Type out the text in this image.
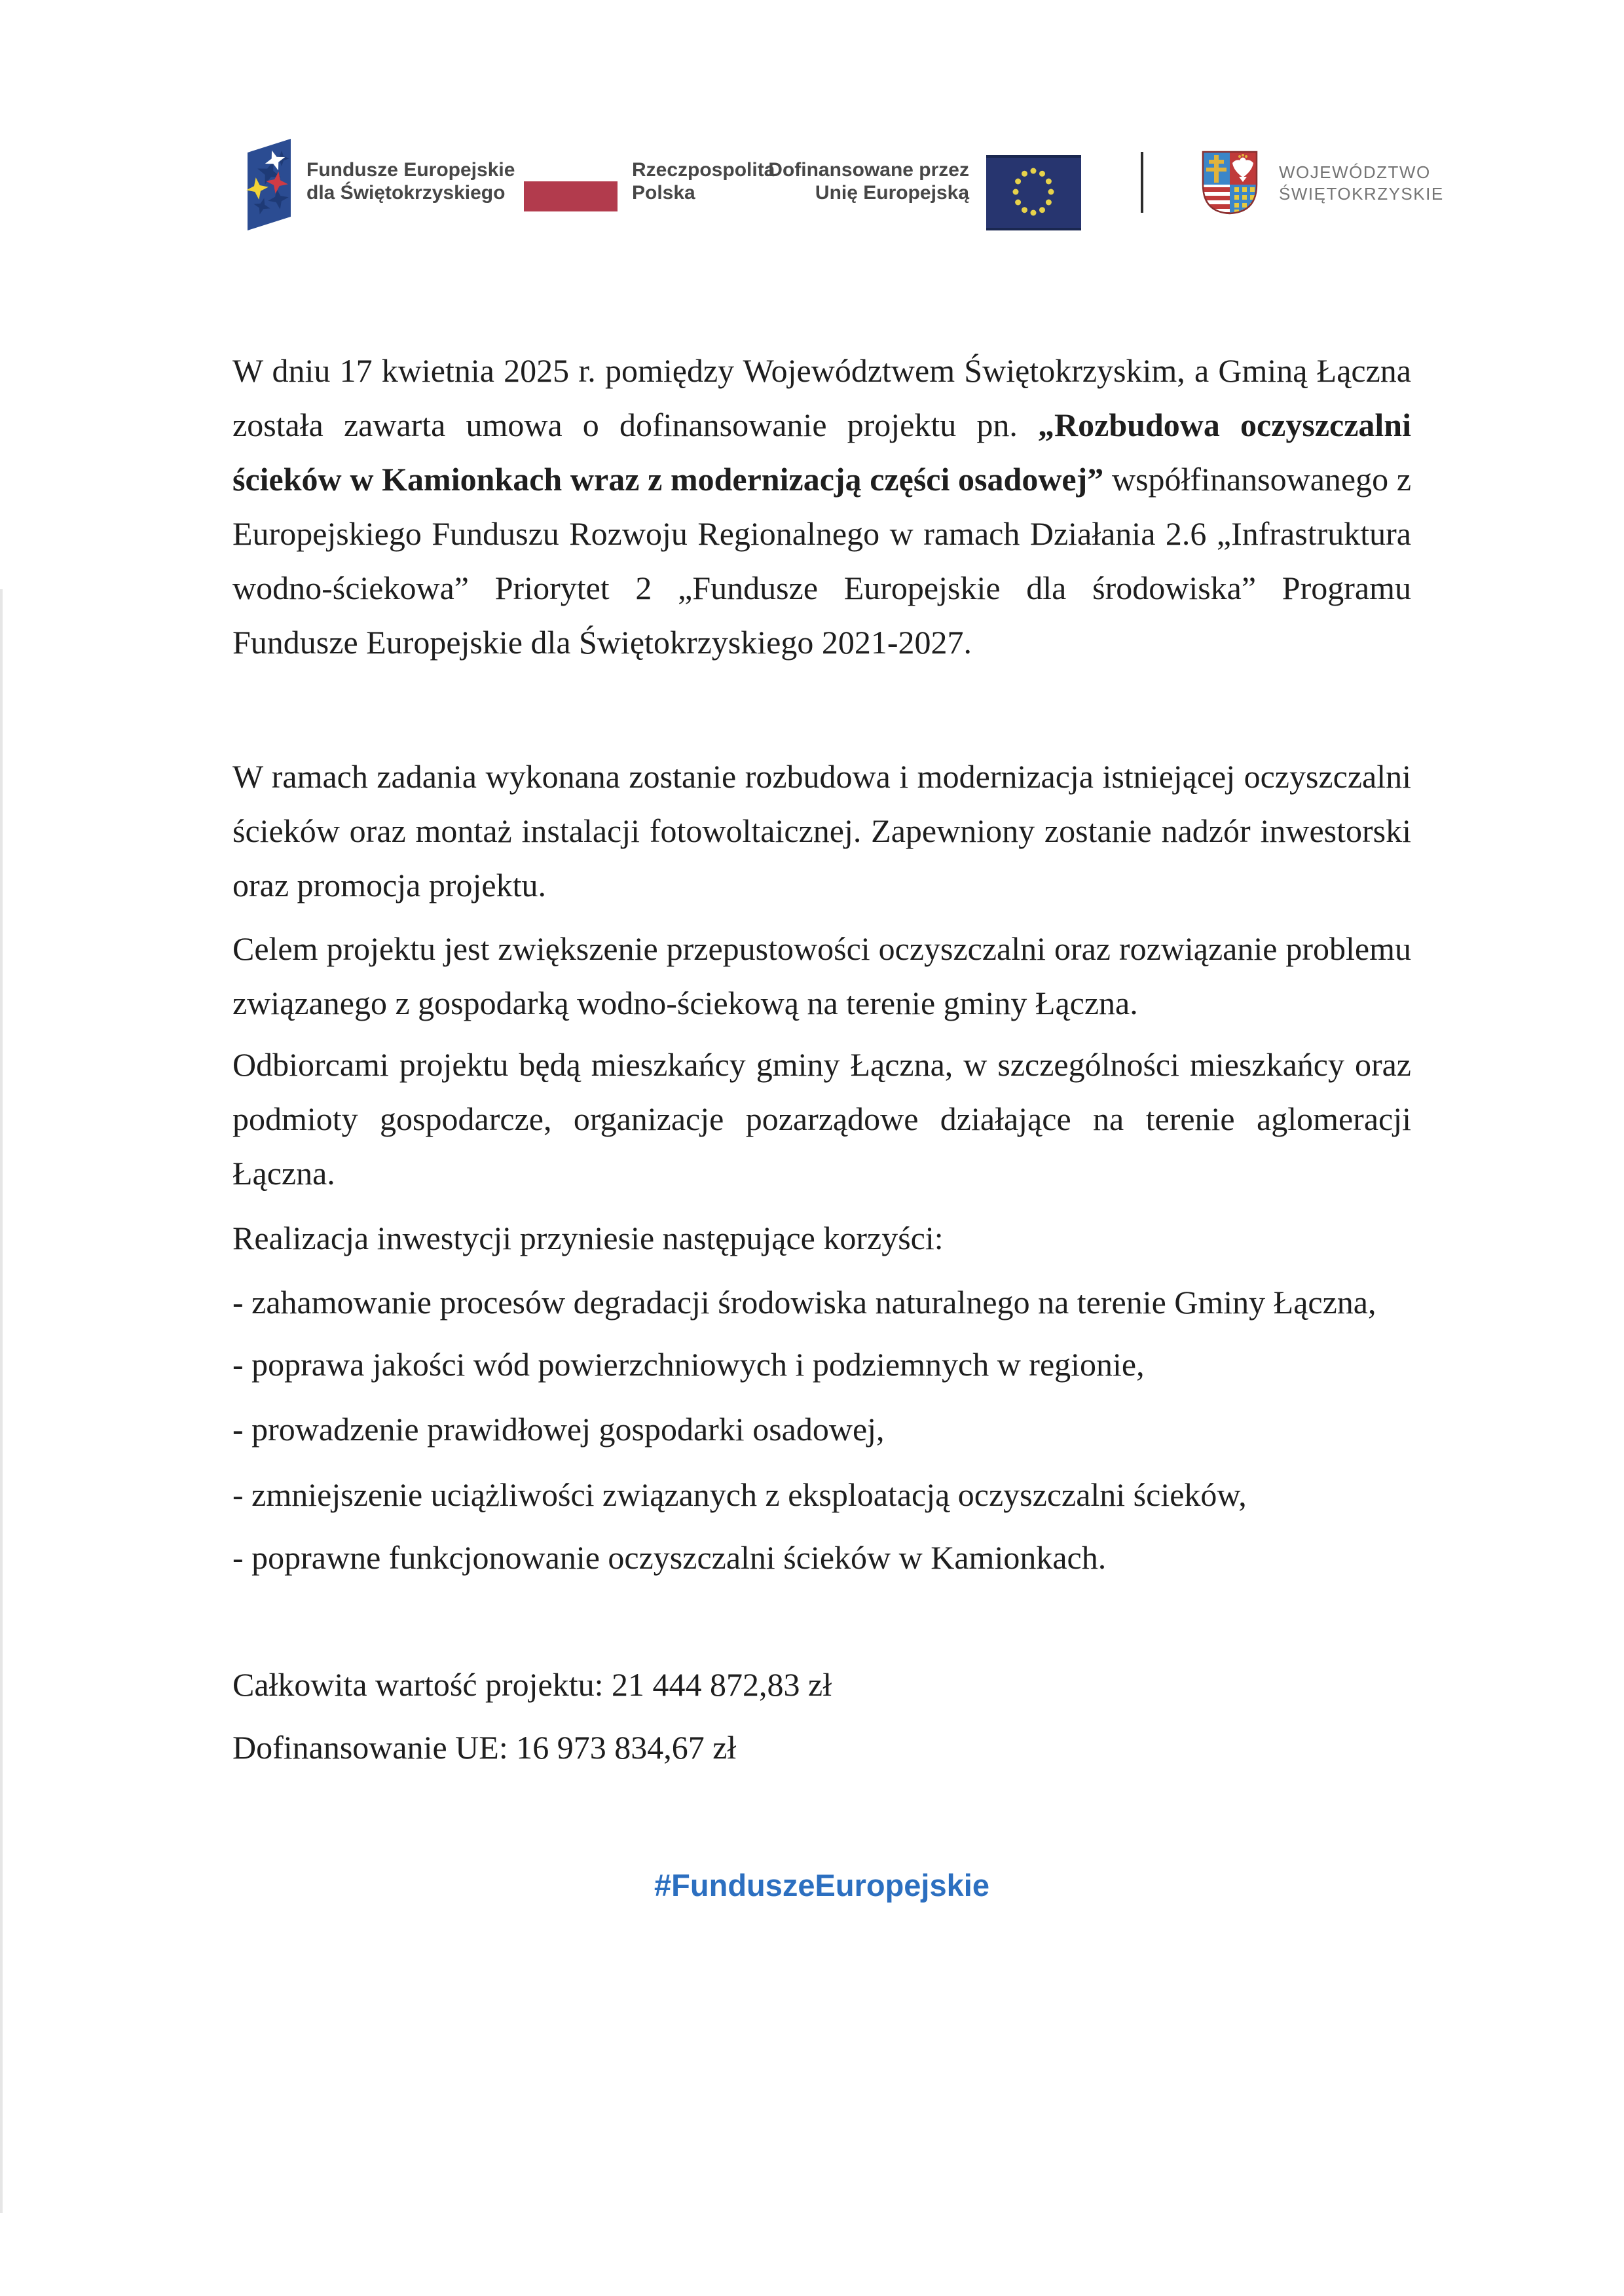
Fundusze Europejskie
dla Świętokrzyskiego
Rzeczpospolita
Polska
Dofinansowane przez
Unię Europejską
WOJEWÓDZTWO
ŚWIĘTOKRZYSKIE

W dniu 17 kwietnia 2025 r. pomiędzy Województwem Świętokrzyskim, a Gminą Łączna została zawarta umowa o dofinansowanie projektu pn. „Rozbudowa oczyszczalni ścieków w Kamionkach wraz z modernizacją części osadowej” współfinansowanego z Europejskiego Funduszu Rozwoju Regionalnego w ramach Działania 2.6 „Infrastruktura wodno-ściekowa” Priorytet 2 „Fundusze Europejskie dla środowiska” Programu Fundusze Europejskie dla Świętokrzyskiego 2021-2027.

W ramach zadania wykonana zostanie rozbudowa i modernizacja istniejącej oczyszczalni ścieków oraz montaż instalacji fotowoltaicznej. Zapewniony zostanie nadzór inwestorski oraz promocja projektu.

Celem projektu jest zwiększenie przepustowości oczyszczalni oraz rozwiązanie problemu związanego z gospodarką wodno-ściekową na terenie gminy Łączna.

Odbiorcami projektu będą mieszkańcy gminy Łączna, w szczególności mieszkańcy oraz podmioty gospodarcze, organizacje pozarządowe działające na terenie aglomeracji Łączna.

Realizacja inwestycji przyniesie następujące korzyści:

- zahamowanie procesów degradacji środowiska naturalnego na terenie Gminy Łączna,

- poprawa jakości wód powierzchniowych i podziemnych w regionie,

- prowadzenie prawidłowej gospodarki osadowej,

- zmniejszenie uciążliwości związanych z eksploatacją oczyszczalni ścieków,

- poprawne funkcjonowanie oczyszczalni ścieków w Kamionkach.

Całkowita wartość projektu: 21 444 872,83 zł

Dofinansowanie UE: 16 973 834,67 zł

#FunduszeEuropejskie
